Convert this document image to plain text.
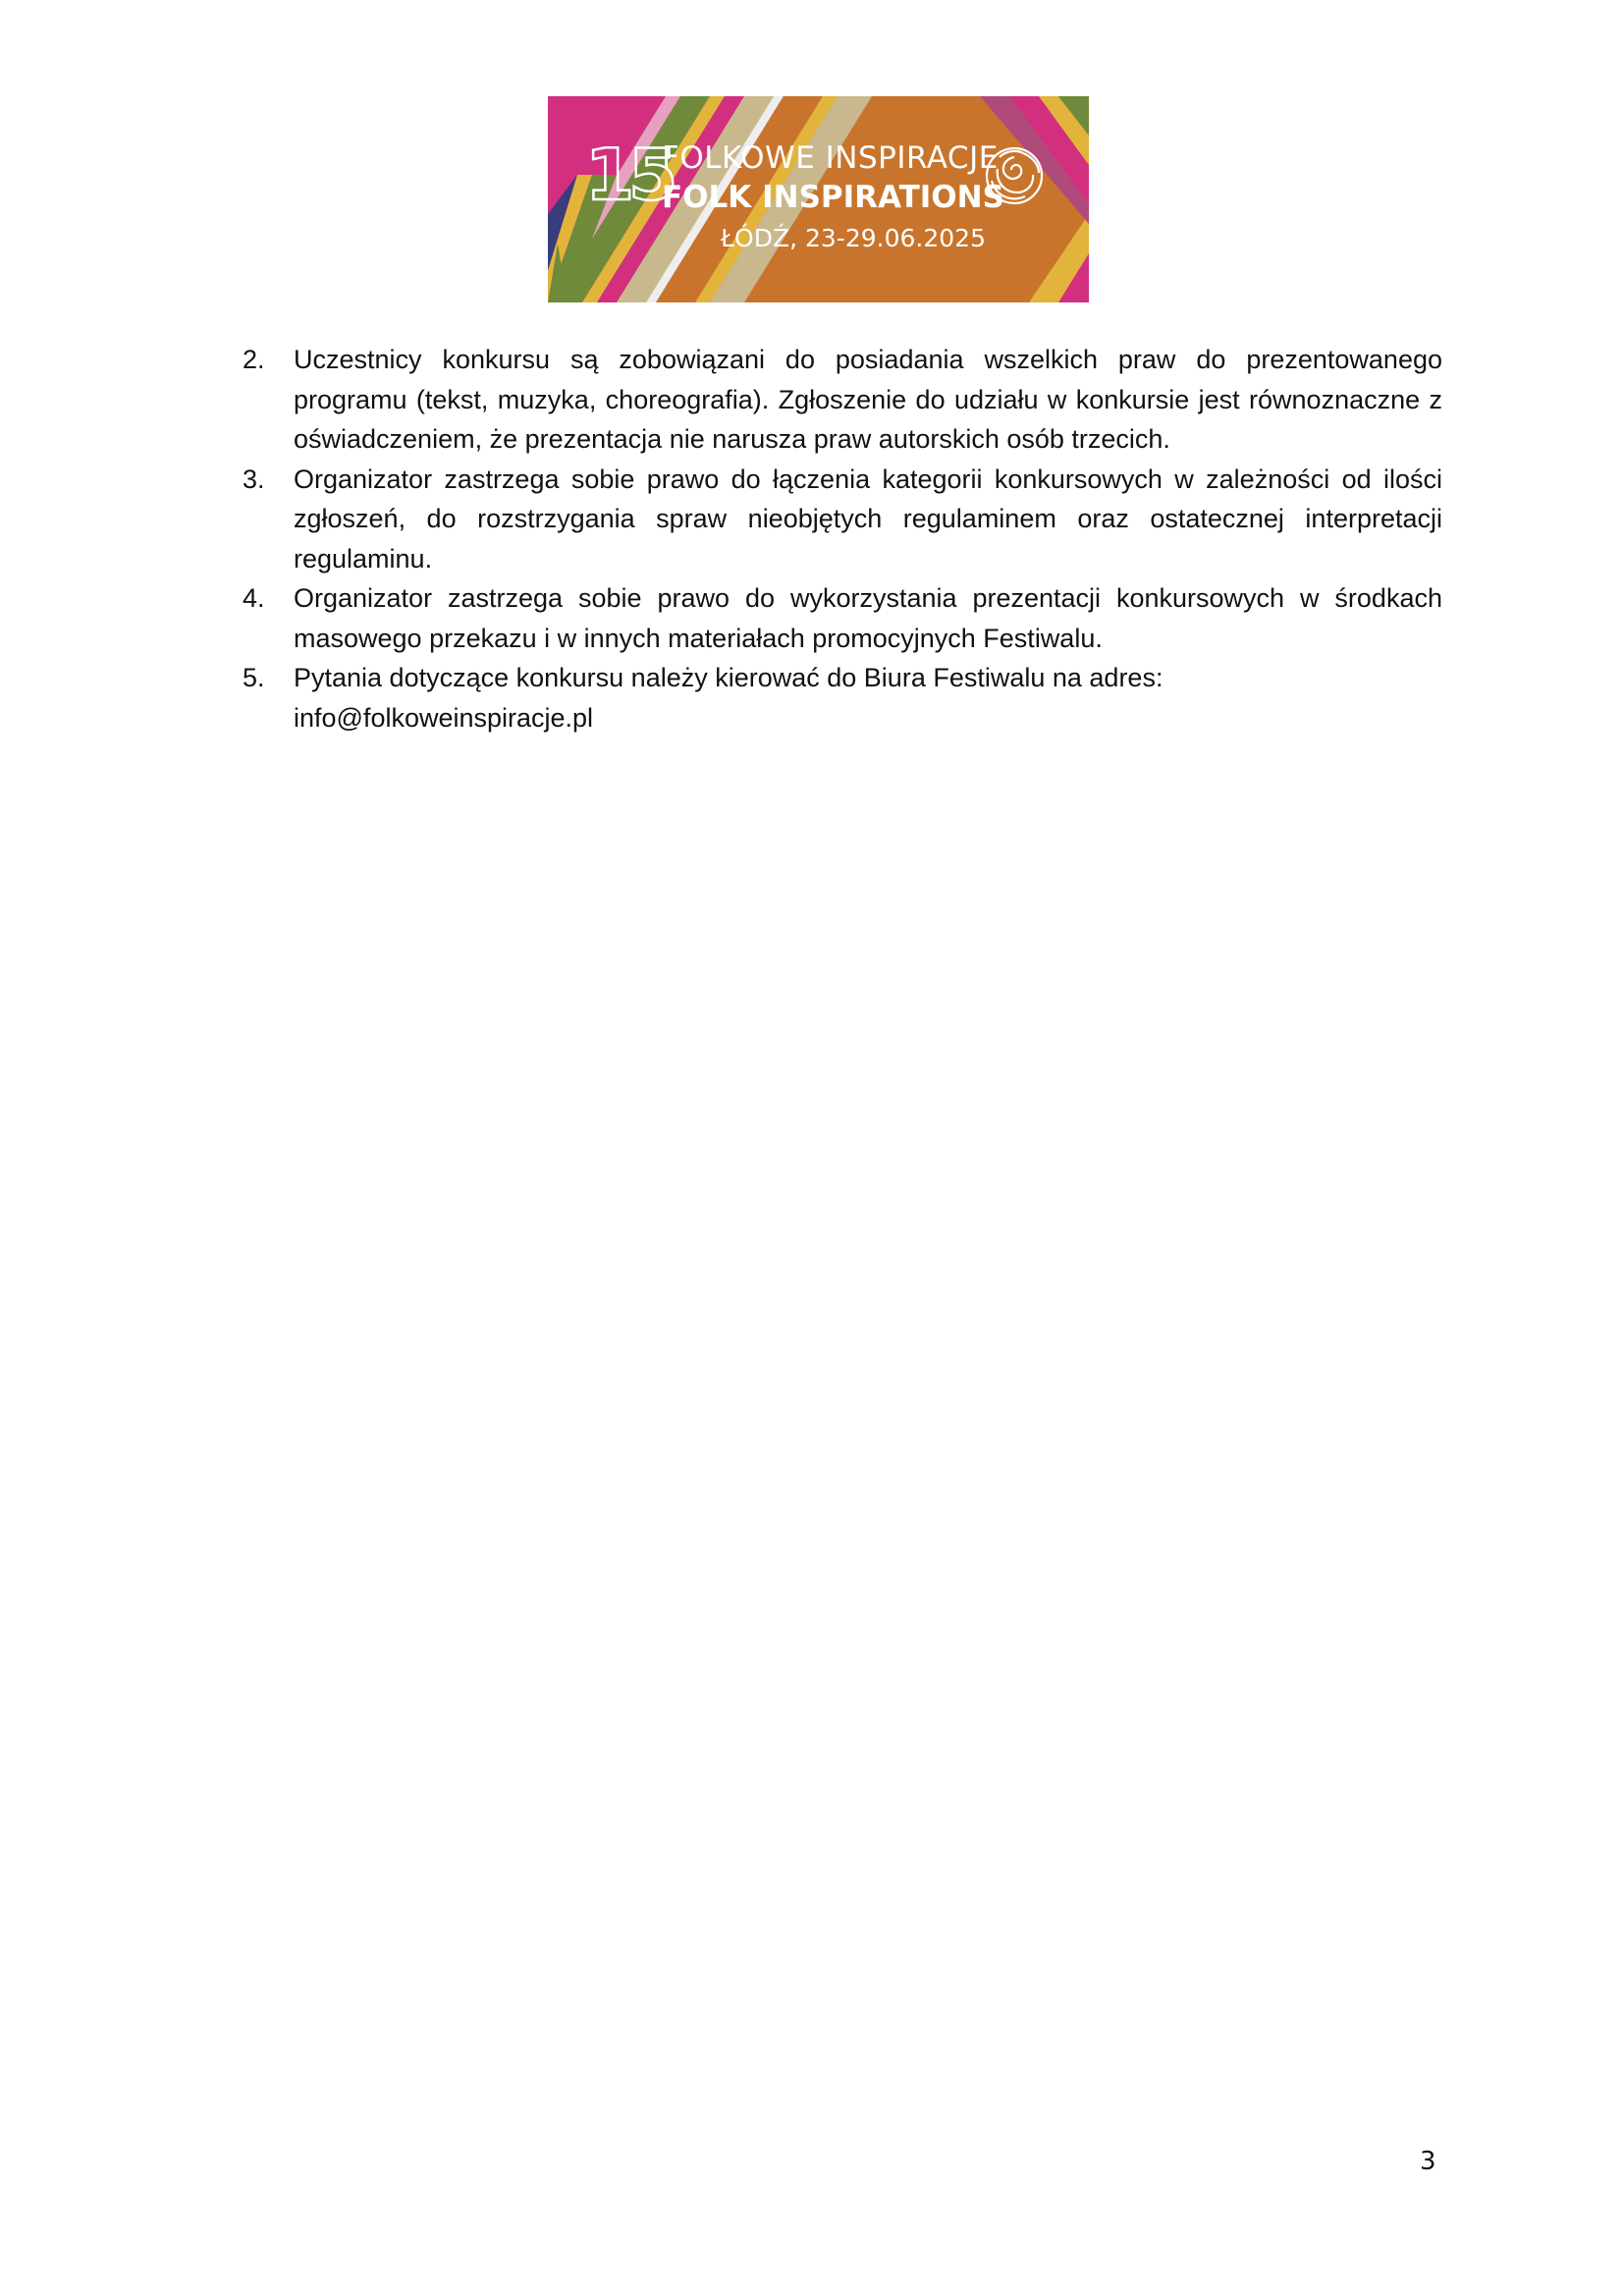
15
FOLKOWE INSPIRACJE
FOLK INSPIRATIONS
ŁÓDŹ, 23-29.06.2025
2. Uczestnicy konkursu są zobowiązani do posiadania wszelkich praw do prezentowanego programu (tekst, muzyka, choreografia). Zgłoszenie do udziału w konkursie jest równoznaczne z oświadczeniem, że prezentacja nie narusza praw autorskich osób trzecich.
3. Organizator zastrzega sobie prawo do łączenia kategorii konkursowych w zależności od ilości zgłoszeń, do rozstrzygania spraw nieobjętych regulaminem oraz ostatecznej interpretacji regulaminu.
4. Organizator zastrzega sobie prawo do wykorzystania prezentacji konkursowych w środkach masowego przekazu i w innych materiałach promocyjnych Festiwalu.
5. Pytania dotyczące konkursu należy kierować do Biura Festiwalu na adres: info@folkoweinspiracje.pl
3
